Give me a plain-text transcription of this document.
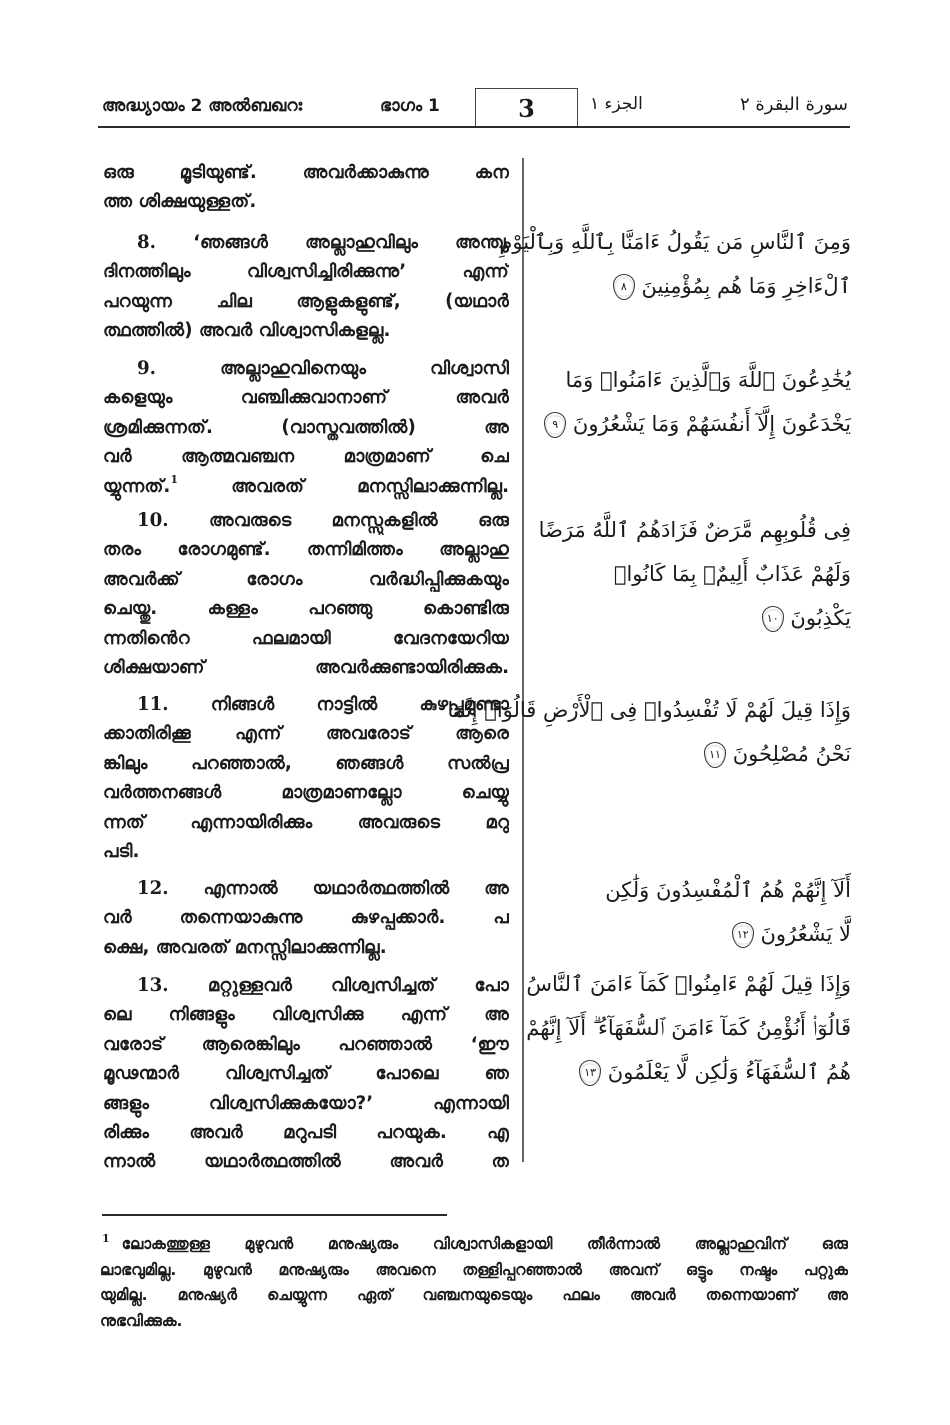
അദ്ധ്യായം 2 അൽബഖറഃ	ഭാഗം 1	3	الجزء ١	سورة البقرة ٢
ഒരു മൂടിയുണ്ട്. അവർക്കാകുന്നു കന
ത്ത ശിക്ഷയുള്ളത്.
8. ‘ഞങ്ങൾ അല്ലാഹുവിലും അന്ത്യ
ദിനത്തിലും വിശ്വസിച്ചിരിക്കുന്നു’ എന്ന്
പറയുന്ന ചില ആളുകളുണ്ട്, (യഥാർ
ത്ഥത്തിൽ) അവർ വിശ്വാസികളല്ല.
9.	അല്ലാഹുവിനെയും വിശ്വാസി
കളെയും വഞ്ചിക്കുവാനാണ് അവർ
ശ്രമിക്കുന്നത്. (വാസ്തവത്തിൽ) അ
വർ ആത്മവഞ്ചന മാത്രമാണ് ചെ
യ്യുന്നത്.$^1$	അവരത് മനസ്സിലാക്കുന്നില്ല.
10. അവരുടെ മനസ്സുകളിൽ ഒരു
തരം രോഗമുണ്ട്. തന്നിമിത്തം അല്ലാഹു
അവർക്ക് രോഗം വർദ്ധിപ്പിക്കുകയും
ചെയ്തു. കള്ളം പറഞ്ഞു കൊണ്ടിരു
ന്നതിൻെറ ഫലമായി വേദനയേറിയ
ശിക്ഷയാണ് അവർക്കുണ്ടായിരിക്കുക.
11. നിങ്ങൾ നാട്ടിൽ കുഴപ്പമുണ്ടാ
ക്കാതിരിക്കൂ എന്ന് അവരോട് ആരെ
ങ്കിലും പറഞ്ഞാൽ, ഞങ്ങൾ സൽപ്ര
വർത്തനങ്ങൾ മാത്രമാണല്ലോ ചെയ്യു
ന്നത് എന്നായിരിക്കും അവരുടെ മറു
പടി.
12. എന്നാൽ യഥാർത്ഥത്തിൽ അ
വർ തന്നെയാകുന്നു കുഴപ്പക്കാർ. പ
ക്ഷെ, അവരത് മനസ്സിലാക്കുന്നില്ല.
13. മറ്റുള്ളവർ വിശ്വസിച്ചത് പോ
ലെ നിങ്ങളും വിശ്വസിക്കു എന്ന് അ
വരോട് ആരെങ്കിലും പറഞ്ഞാൽ ‘ഈ
മൂഢന്മാർ വിശ്വസിച്ചത് പോലെ ഞ
ങ്ങളും വിശ്വസിക്കുകയോ?’ എന്നായി
രിക്കും അവർ മറുപടി പറയുക. എ
ന്നാൽ യഥാർത്ഥത്തിൽ അവർ ത
وَمِنَ ٱلنَّاسِ مَن يَقُولُ ءَامَنَّا بِٱللَّهِ وَبِٱلْيَوْمِ
ٱلْءَاخِرِ وَمَا هُم بِمُؤْمِنِينَ ٨
يُخَٰدِعُونَ ٱللَّهَ وَٱلَّذِينَ ءَامَنُوا۟ وَمَا
يَخْدَعُونَ إِلَّآ أَنفُسَهُمْ وَمَا يَشْعُرُونَ ٩
فِى قُلُوبِهِم مَّرَضٌ فَزَادَهُمُ ٱللَّهُ مَرَضًا
وَلَهُمْ عَذَابٌ أَلِيمٌۢ بِمَا كَانُوا۟
يَكْذِبُونَ ١٠
وَإِذَا قِيلَ لَهُمْ لَا تُفْسِدُوا۟ فِى ٱلْأَرْضِ قَالُوٓا۟ إِنَّمَا
نَحْنُ مُصْلِحُونَ ١١
أَلَآ إِنَّهُمْ هُمُ ٱلْمُفْسِدُونَ وَلَٰكِن
لَّا يَشْعُرُونَ ١٢
وَإِذَا قِيلَ لَهُمْ ءَامِنُوا۟ كَمَآ ءَامَنَ ٱلنَّاسُ
قَالُوٓا۟ أَنُؤْمِنُ كَمَآ ءَامَنَ ٱلسُّفَهَآءُ ۗ أَلَآ إِنَّهُمْ
هُمُ ٱلسُّفَهَآءُ وَلَٰكِن لَّا يَعْلَمُونَ ١٣
$^1$ ലോകത്തുള്ള മുഴുവൻ മനുഷ്യരും വിശ്വാസികളായി തീർന്നാൽ അല്ലാഹുവിന് ഒരു
ലാഭവുമില്ല. മുഴുവൻ മനുഷ്യരും അവനെ തള്ളിപ്പറഞ്ഞാൽ അവന് ഒട്ടും നഷ്ടം പറ്റുക
യുമില്ല. മനുഷ്യർ ചെയ്യുന്ന ഏത് വഞ്ചനയുടെയും ഫലം അവർ തന്നെയാണ് അ
നുഭവിക്കുക.
